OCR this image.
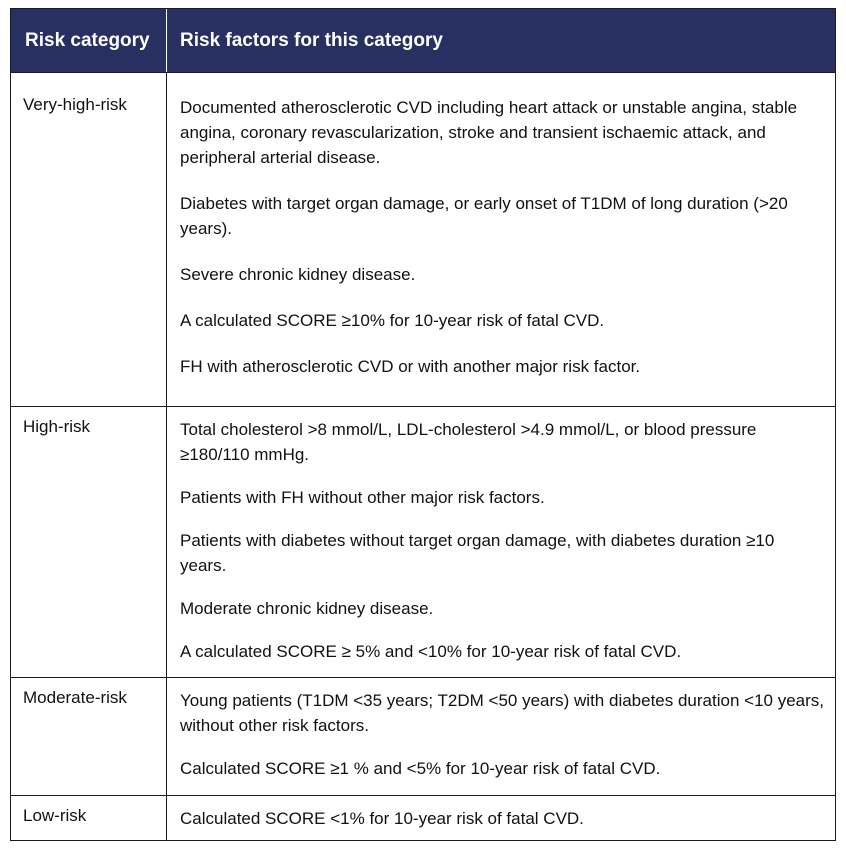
Risk category	Risk factors for this category
Very-high-risk	Documented atherosclerotic CVD including heart attack or unstable angina, stable angina, coronary revascularization, stroke and transient ischaemic attack, and peripheral arterial disease.

Diabetes with target organ damage, or early onset of T1DM of long duration (>20 years).

Severe chronic kidney disease.

A calculated SCORE ≥10% for 10-year risk of fatal CVD.

FH with atherosclerotic CVD or with another major risk factor.

High-risk	Total cholesterol >8 mmol/L, LDL-cholesterol >4.9 mmol/L, or blood pressure ≥180/110 mmHg.

Patients with FH without other major risk factors.

Patients with diabetes without target organ damage, with diabetes duration ≥10 years.

Moderate chronic kidney disease.

A calculated SCORE ≥ 5% and <10% for 10-year risk of fatal CVD.

Moderate-risk	Young patients (T1DM <35 years; T2DM <50 years) with diabetes duration <10 years, without other risk factors.

Calculated SCORE ≥1 % and <5% for 10-year risk of fatal CVD.

Low-risk	Calculated SCORE <1% for 10-year risk of fatal CVD.
